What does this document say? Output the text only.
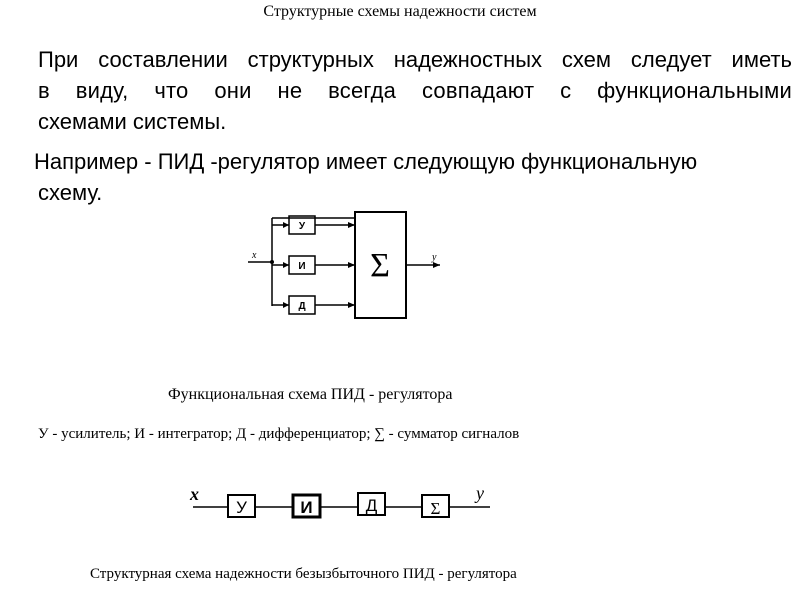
Структурные схемы надежности систем
При составлении структурных надежностных схем следует иметь
в виду, что они не всегда совпадают с функциональными
схемами системы.
Например - ПИД -регулятор имеет следующую функциональную
схему.
У
И
Д
Σ
x	y
У	И	Д	Σ
x	y
Функциональная схема ПИД - регулятора
У - усилитель; И - интегратор; Д - дифференциатор; ∑ - сумматор сигналов
Структурная схема надежности безызбыточного ПИД - регулятора
